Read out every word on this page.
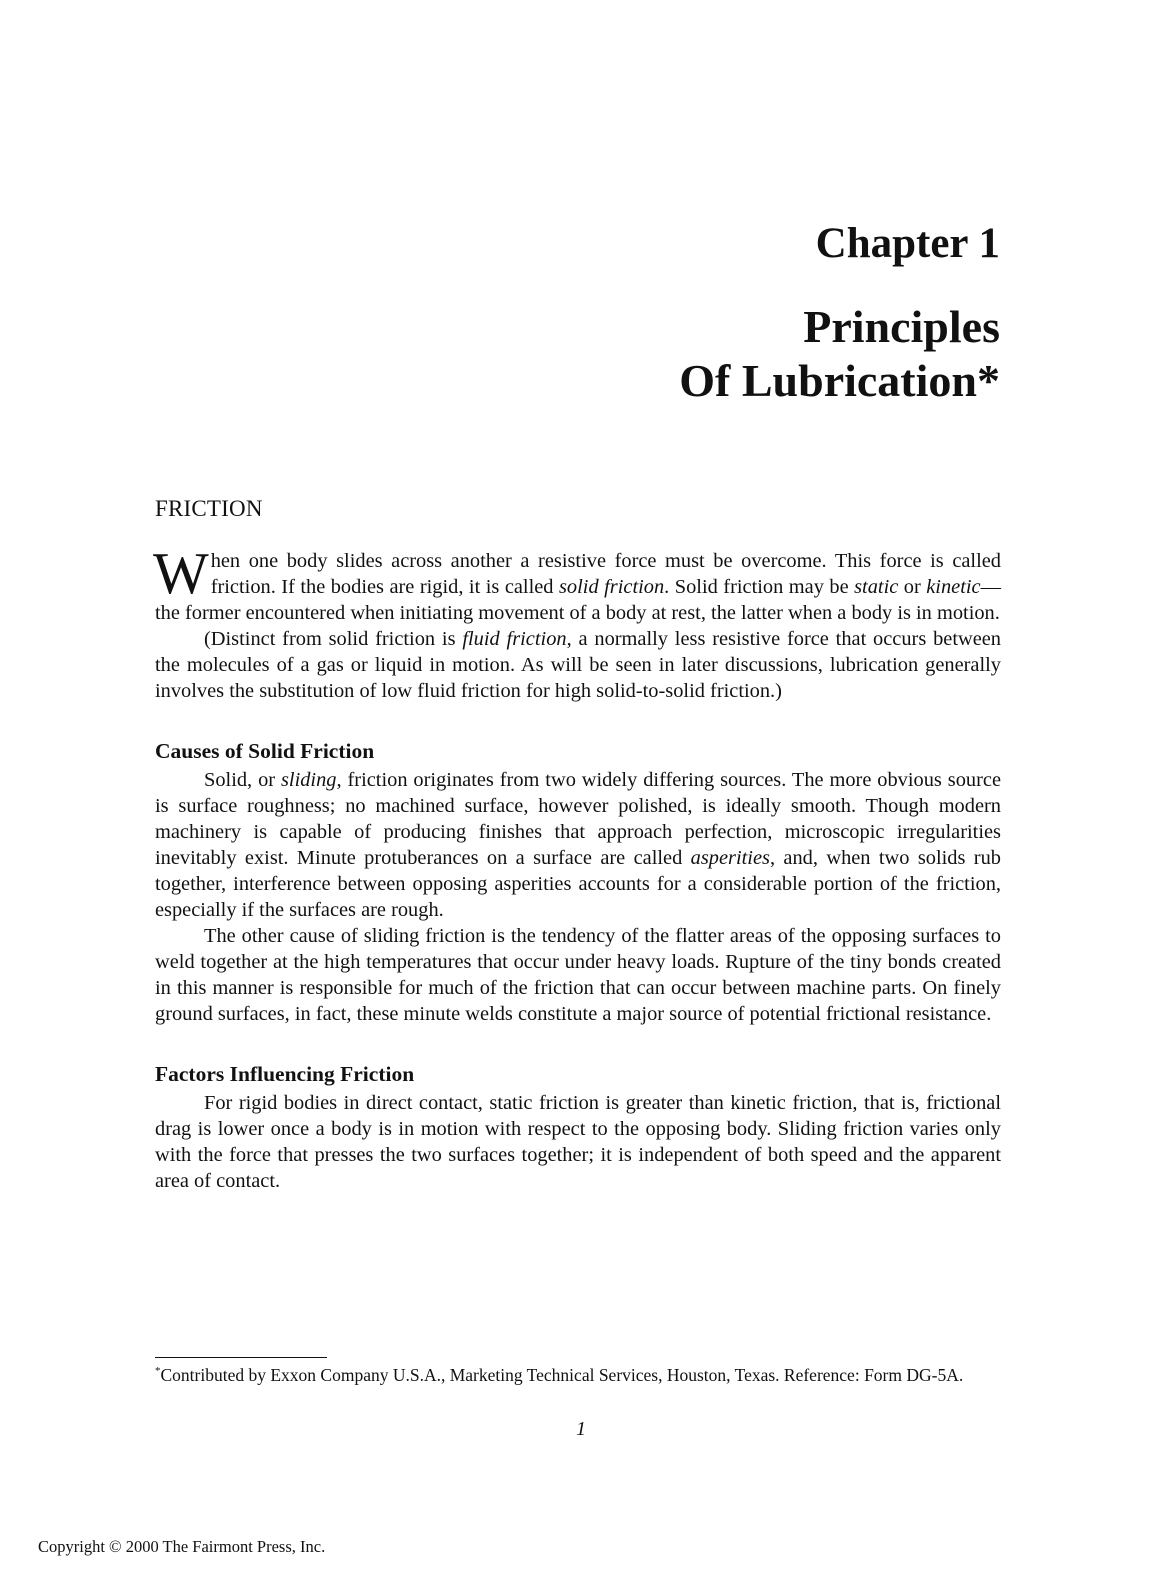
Chapter 1
Principles
Of Lubrication*
FRICTION

When one body slides across another a resistive force must be overcome. This force is called friction. If the bodies are rigid, it is called solid friction. Solid friction may be static or kinetic—the former encountered when initiating movement of a body at rest, the latter when a body is in motion.

(Distinct from solid friction is fluid friction, a normally less resistive force that occurs between the molecules of a gas or liquid in motion. As will be seen in later discussions, lubrication generally involves the substitution of low fluid friction for high solid-to-solid friction.)

Causes of Solid Friction

Solid, or sliding, friction originates from two widely differing sources. The more obvious source is surface roughness; no machined surface, however polished, is ideally smooth. Though modern machinery is capable of producing finishes that approach perfection, microscopic irregularities inevitably exist. Minute protuberances on a surface are called asperities, and, when two solids rub together, interference between opposing asperities accounts for a considerable portion of the friction, especially if the surfaces are rough.

The other cause of sliding friction is the tendency of the flatter areas of the opposing surfaces to weld together at the high temperatures that occur under heavy loads. Rupture of the tiny bonds created in this manner is responsible for much of the friction that can occur between machine parts. On finely ground surfaces, in fact, these minute welds constitute a major source of potential frictional resistance.

Factors Influencing Friction

For rigid bodies in direct contact, static friction is greater than kinetic friction, that is, frictional drag is lower once a body is in motion with respect to the opposing body. Sliding friction varies only with the force that presses the two surfaces together; it is independent of both speed and the apparent area of contact.

*Contributed by Exxon Company U.S.A., Marketing Technical Services, Houston, Texas. Reference: Form DG-5A.
1
Copyright © 2000 The Fairmont Press, Inc.
